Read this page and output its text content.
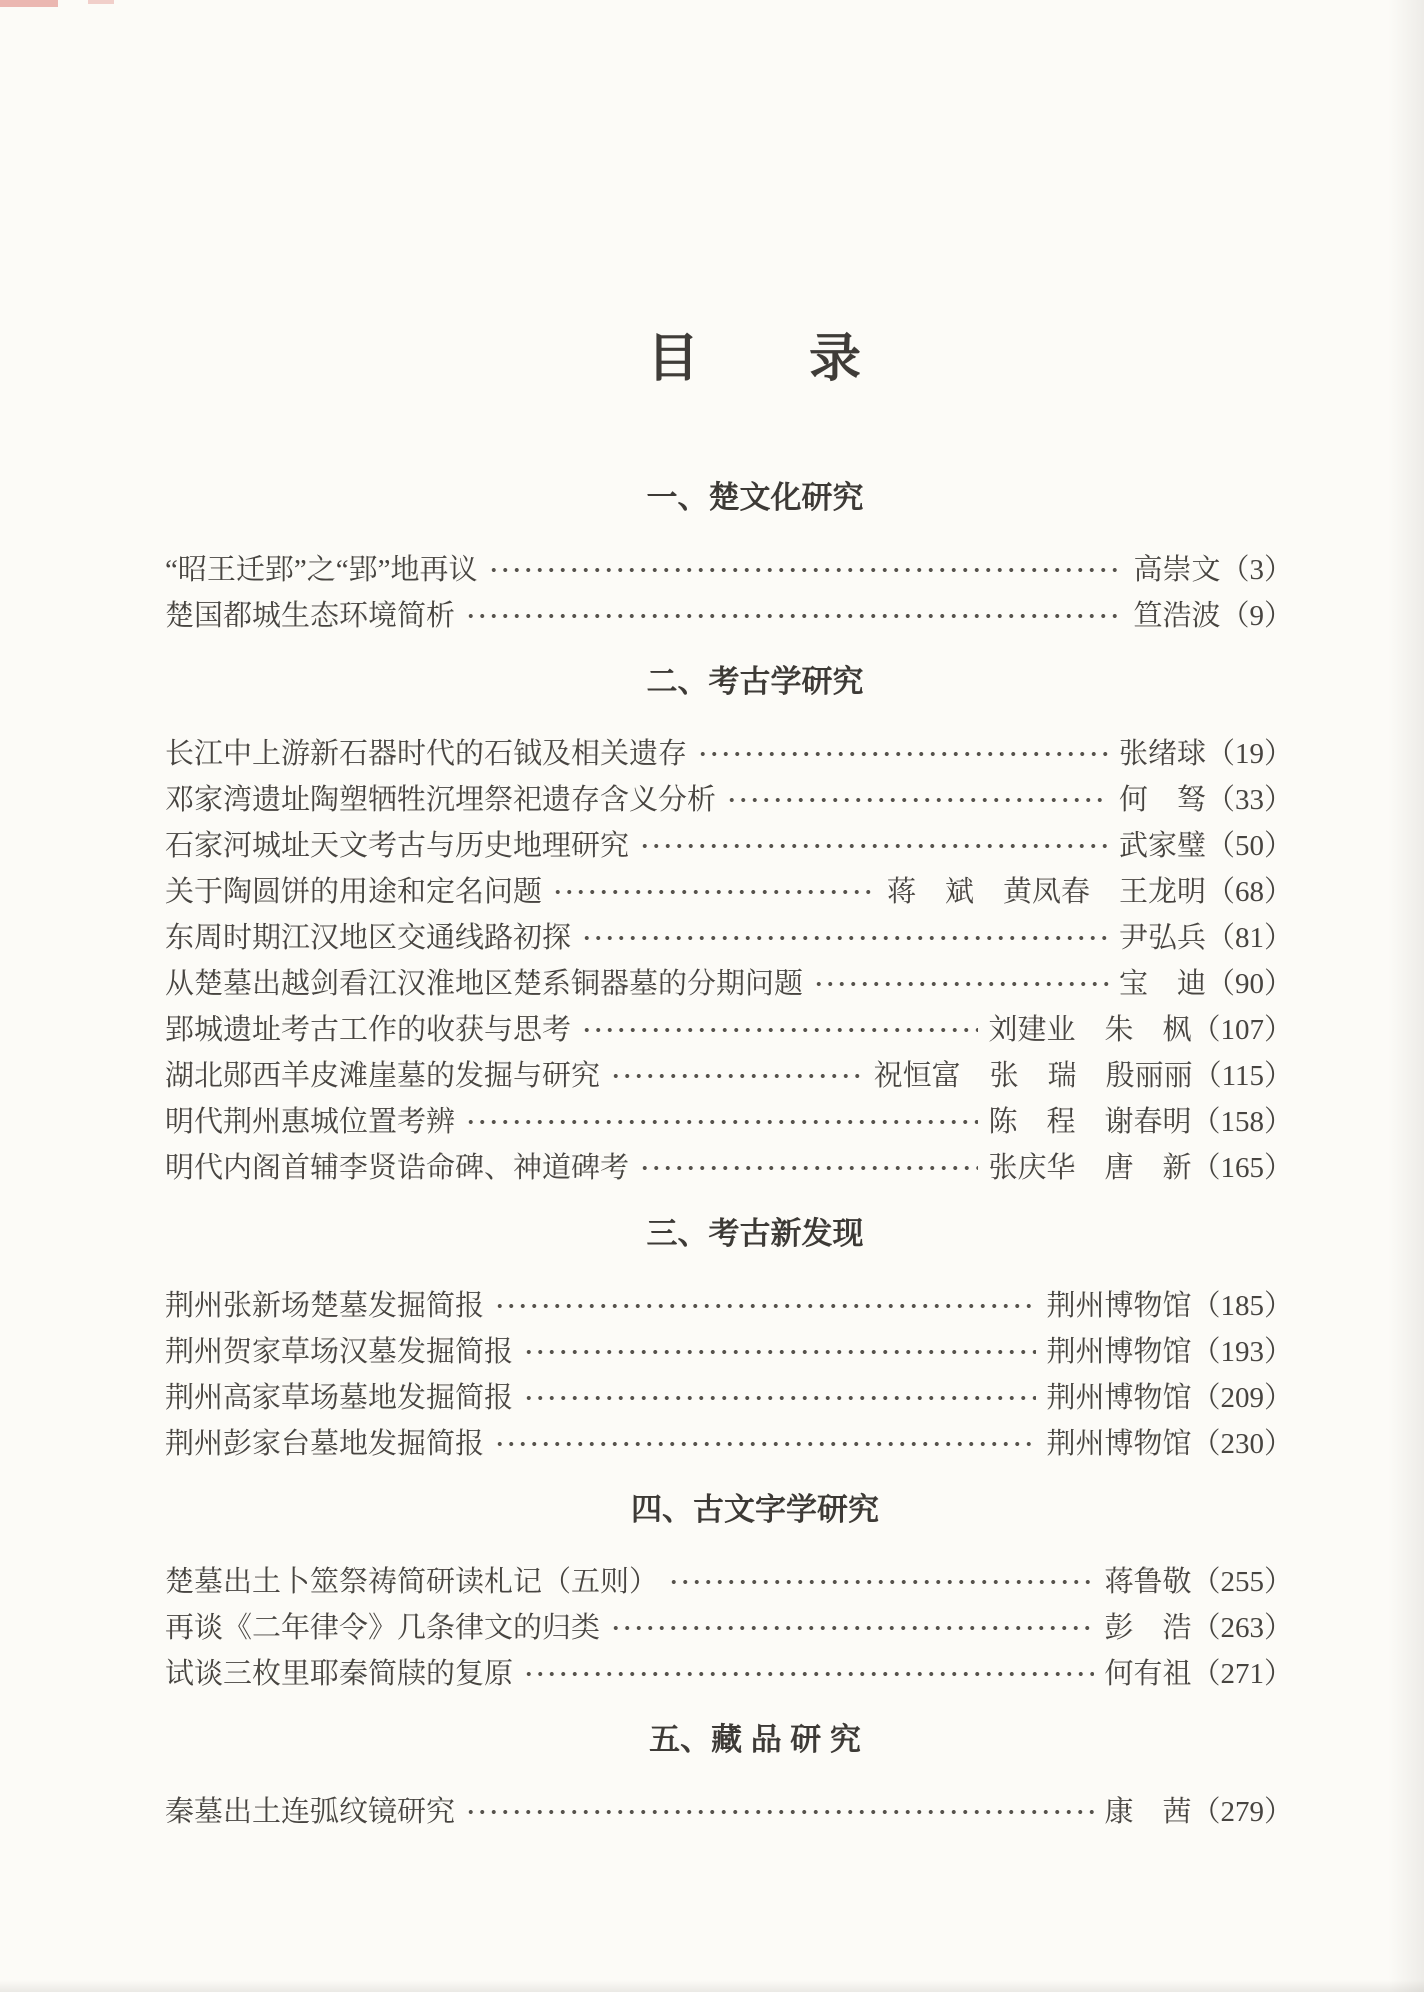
目　　录
一、楚文化研究
“昭王迁郢”之“郢”地再议	高崇文（3）
楚国都城生态环境简析	笪浩波（9）
二、考古学研究
长江中上游新石器时代的石钺及相关遗存	张绪球（19）
邓家湾遗址陶塑牺牲沉埋祭祀遗存含义分析	何　驽（33）
石家河城址天文考古与历史地理研究	武家璧（50）
关于陶圆饼的用途和定名问题	蒋　斌　黄凤春　王龙明（68）
东周时期江汉地区交通线路初探	尹弘兵（81）
从楚墓出越剑看江汉淮地区楚系铜器墓的分期问题	宝　迪（90）
郢城遗址考古工作的收获与思考	刘建业　朱　枫（107）
湖北郧西羊皮滩崖墓的发掘与研究	祝恒富　张　瑞　殷丽丽（115）
明代荆州惠城位置考辨	陈　程　谢春明（158）
明代内阁首辅李贤诰命碑、神道碑考	张庆华　唐　新（165）
三、考古新发现
荆州张新场楚墓发掘简报	荆州博物馆（185）
荆州贺家草场汉墓发掘简报	荆州博物馆（193）
荆州高家草场墓地发掘简报	荆州博物馆（209）
荆州彭家台墓地发掘简报	荆州博物馆（230）
四、古文字学研究
楚墓出土卜筮祭祷简研读札记（五则）	蒋鲁敬（255）
再谈《二年律令》几条律文的归类	彭　浩（263）
试谈三枚里耶秦简牍的复原	何有祖（271）
五、藏 品 研 究
秦墓出土连弧纹镜研究	康　茜（279）
